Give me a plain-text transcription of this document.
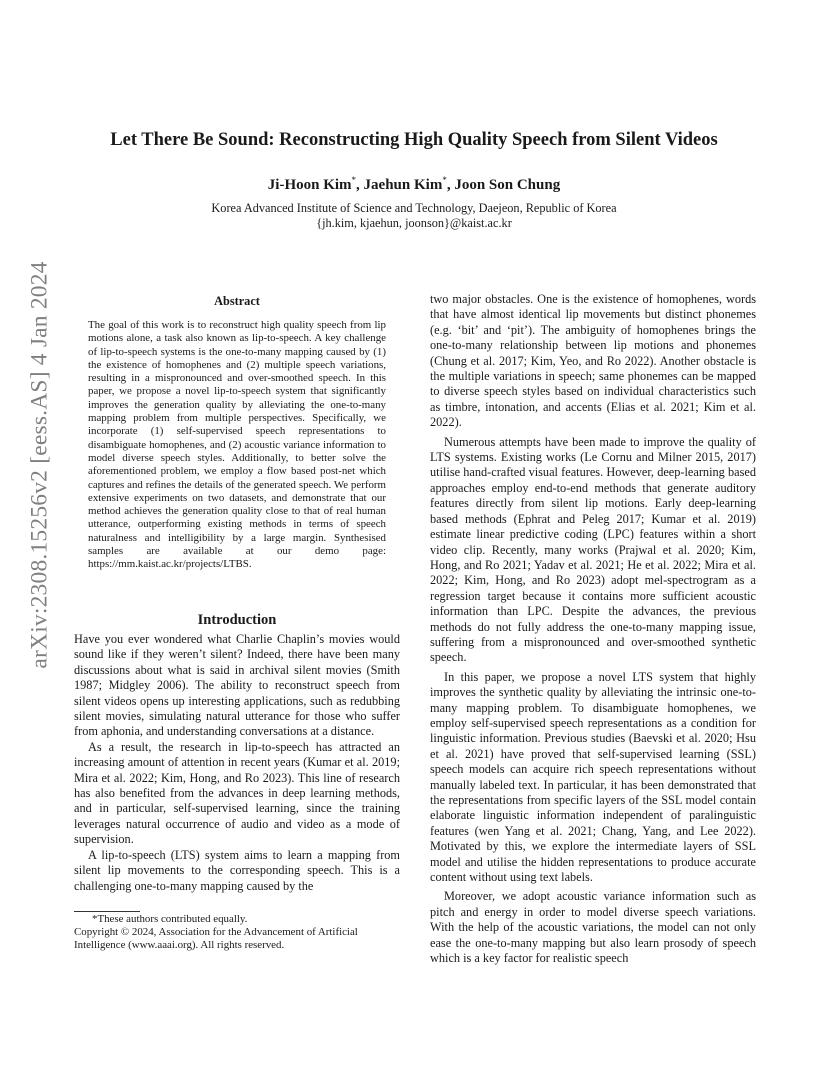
arXiv:2308.15256v2 [eess.AS] 4 Jan 2024
Let There Be Sound: Reconstructing High Quality Speech from Silent Videos
Ji-Hoon Kim*, Jaehun Kim*, Joon Son Chung
Korea Advanced Institute of Science and Technology, Daejeon, Republic of Korea
{jh.kim, kjaehun, joonson}@kaist.ac.kr
Abstract
The goal of this work is to reconstruct high quality speech from lip motions alone, a task also known as lip-to-speech. A key challenge of lip-to-speech systems is the one-to-many mapping caused by (1) the existence of homophenes and (2) multiple speech variations, resulting in a mispronounced and over-smoothed speech. In this paper, we propose a novel lip-to-speech system that significantly improves the generation quality by alleviating the one-to-many mapping problem from multiple perspectives. Specifically, we incorporate (1) self-supervised speech representations to disambiguate homophenes, and (2) acoustic variance information to model diverse speech styles. Additionally, to better solve the aforementioned problem, we employ a flow based post-net which captures and refines the details of the generated speech. We perform extensive experiments on two datasets, and demonstrate that our method achieves the generation quality close to that of real human utterance, outperforming existing methods in terms of speech naturalness and intelligibility by a large margin. Synthesised samples are available at our demo page: https://mm.kaist.ac.kr/projects/LTBS.
Introduction

Have you ever wondered what Charlie Chaplin’s movies would sound like if they weren’t silent? Indeed, there have been many discussions about what is said in archival silent movies (Smith 1987; Midgley 2006). The ability to reconstruct speech from silent videos opens up interesting applications, such as redubbing silent movies, simulating natural utterance for those who suffer from aphonia, and understanding conversations at a distance.

As a result, the research in lip-to-speech has attracted an increasing amount of attention in recent years (Kumar et al. 2019; Mira et al. 2022; Kim, Hong, and Ro 2023). This line of research has also benefited from the advances in deep learning methods, and in particular, self-supervised learning, since the training leverages natural occurrence of audio and video as a mode of supervision.

A lip-to-speech (LTS) system aims to learn a mapping from silent lip movements to the corresponding speech. This is a challenging one-to-many mapping caused by the

two major obstacles. One is the existence of homophenes, words that have almost identical lip movements but distinct phonemes (e.g. ‘bit’ and ‘pit’). The ambiguity of homophenes brings the one-to-many relationship between lip motions and phonemes (Chung et al. 2017; Kim, Yeo, and Ro 2022). Another obstacle is the multiple variations in speech; same phonemes can be mapped to diverse speech styles based on individual characteristics such as timbre, intonation, and accents (Elias et al. 2021; Kim et al. 2022).

Numerous attempts have been made to improve the quality of LTS systems. Existing works (Le Cornu and Milner 2015, 2017) utilise hand-crafted visual features. However, deep-learning based approaches employ end-to-end methods that generate auditory features directly from silent lip motions. Early deep-learning based methods (Ephrat and Peleg 2017; Kumar et al. 2019) estimate linear predictive coding (LPC) features within a short video clip. Recently, many works (Prajwal et al. 2020; Kim, Hong, and Ro 2021; Yadav et al. 2021; He et al. 2022; Mira et al. 2022; Kim, Hong, and Ro 2023) adopt mel-spectrogram as a regression target because it contains more sufficient acoustic information than LPC. Despite the advances, the previous methods do not fully address the one-to-many mapping issue, suffering from a mispronounced and over-smoothed synthetic speech.

In this paper, we propose a novel LTS system that highly improves the synthetic quality by alleviating the intrinsic one-to-many mapping problem. To disambiguate homophenes, we employ self-supervised speech representations as a condition for linguistic information. Previous studies (Baevski et al. 2020; Hsu et al. 2021) have proved that self-supervised learning (SSL) speech models can acquire rich speech representations without manually labeled text. In particular, it has been demonstrated that the representations from specific layers of the SSL model contain elaborate linguistic information independent of paralinguistic features (wen Yang et al. 2021; Chang, Yang, and Lee 2022). Motivated by this, we explore the intermediate layers of SSL model and utilise the hidden representations to produce accurate content without using text labels.

Moreover, we adopt acoustic variance information such as pitch and energy in order to model diverse speech variations. With the help of the acoustic variations, the model can not only ease the one-to-many mapping but also learn prosody of speech which is a key factor for realistic speech

*These authors contributed equally.
Copyright © 2024, Association for the Advancement of Artificial Intelligence (www.aaai.org). All rights reserved.
